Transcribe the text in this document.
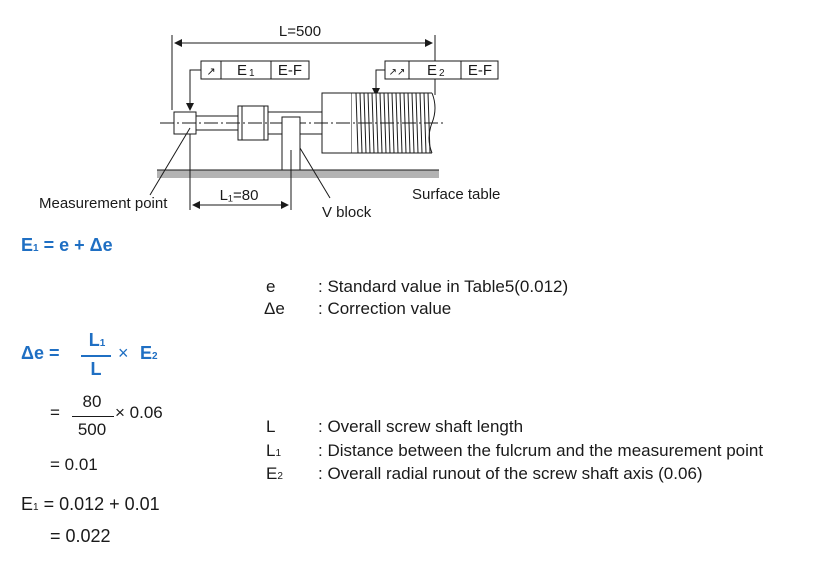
L=500
↗ E 1 E-F	↗↗ E 2 E-F
L₁=80
Measurement point
V block
Surface table
E1 = e + Δe
e	: Standard value in Table5(0.012)
Δe : Correction value
Δe =
L1
L
× E2
=
80
500
× 0.06
= 0.01
L	: Overall screw shaft length
L1 : Distance between the fulcrum and the measurement point
E2 : Overall radial runout of the screw shaft axis (0.06)
E1 = 0.012 + 0.01
= 0.022
